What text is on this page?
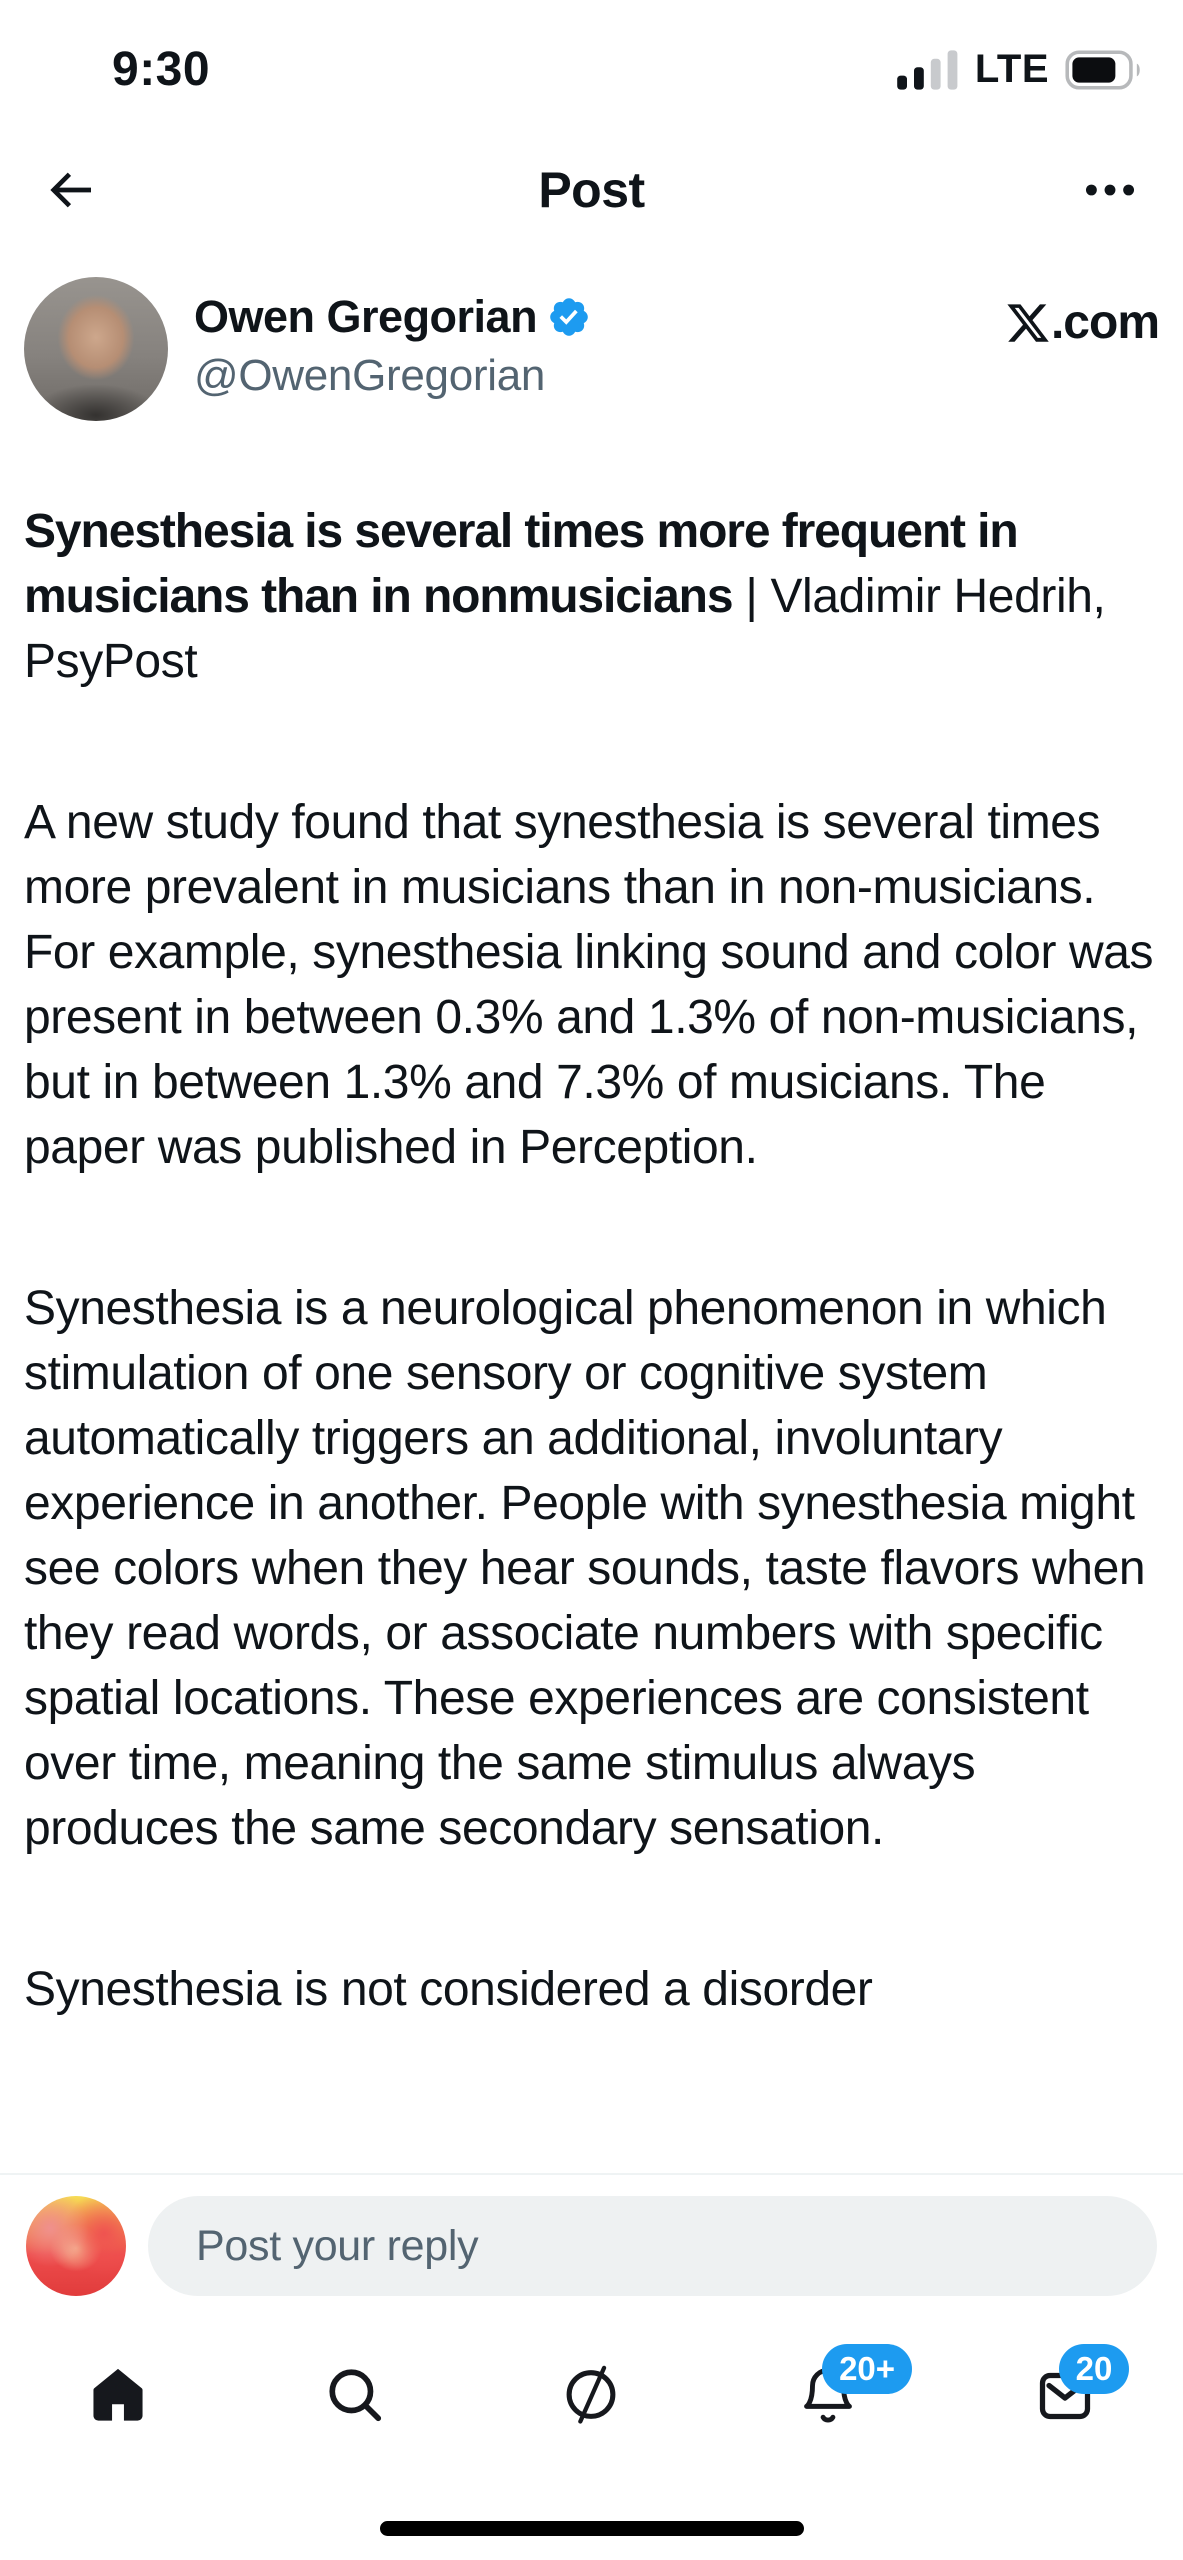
9:30	LTE
Post
Owen Gregorian
@OwenGregorian
.com

Synesthesia is several times more frequent in musicians than in nonmusicians | Vladimir Hedrih, PsyPost

A new study found that synesthesia is several times more prevalent in musicians than in non-musicians. For example, synesthesia linking sound and color was present in between 0.3% and 1.3% of non-musicians, but in between 1.3% and 7.3% of musicians. The paper was published in Perception.

Synesthesia is a neurological phenomenon in which stimulation of one sensory or cognitive system automatically triggers an additional, involuntary experience in another. People with synesthesia might see colors when they hear sounds, taste flavors when they read words, or associate numbers with specific spatial locations. These experiences are consistent over time, meaning the same stimulus always produces the same secondary sensation.

Synesthesia is not considered a disorder

Post your reply
20+	20
